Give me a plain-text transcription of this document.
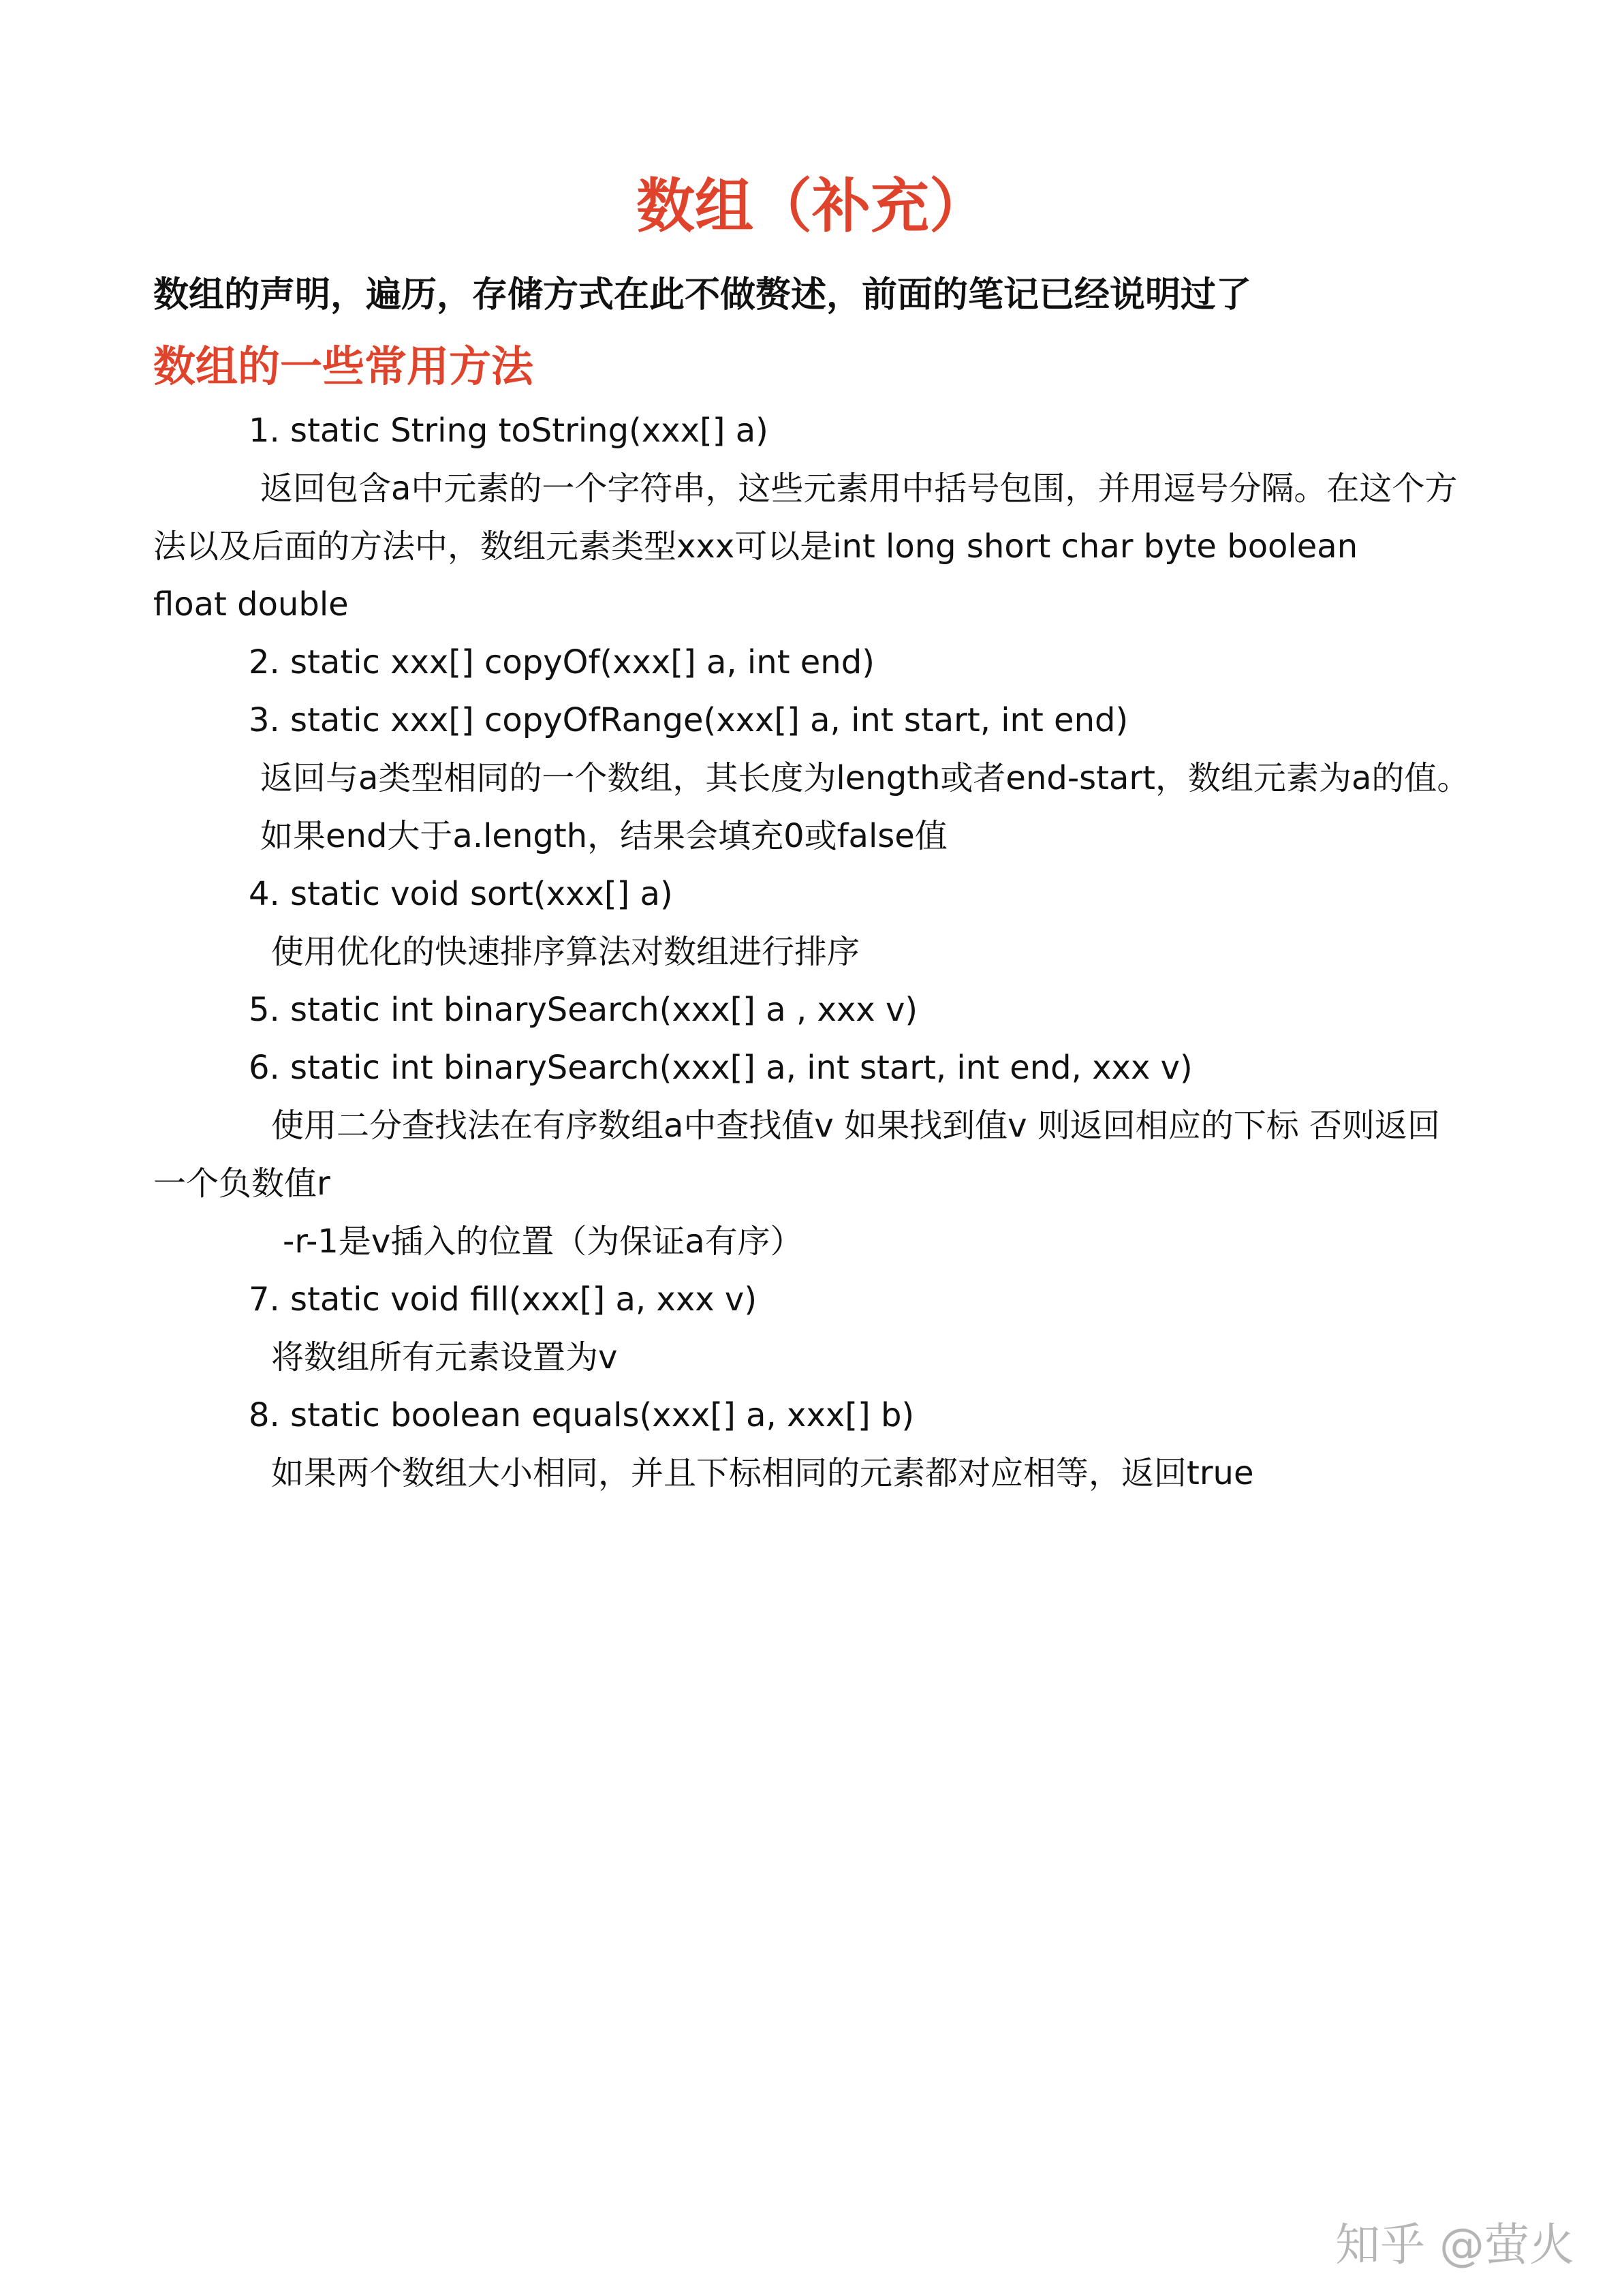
数组（补充）
数组的声明，遍历，存储方式在此不做赘述，前面的笔记已经说明过了
数组的一些常用方法
1. static String toString(xxx[] a)
返回包含a中元素的一个字符串，这些元素用中括号包围，并用逗号分隔。在这个方
法以及后面的方法中，数组元素类型xxx可以是int long short char byte boolean
float double
2. static xxx[] copyOf(xxx[] a, int end)
3. static xxx[] copyOfRange(xxx[] a, int start, int end)
返回与a类型相同的一个数组，其长度为length或者end-start，数组元素为a的值。
如果end大于a.length，结果会填充0或false值
4. static void sort(xxx[] a)
使用优化的快速排序算法对数组进行排序
5. static int binarySearch(xxx[] a , xxx v)
6. static int binarySearch(xxx[] a, int start, int end, xxx v)
使用二分查找法在有序数组a中查找值v 如果找到值v 则返回相应的下标 否则返回
一个负数值r
-r-1是v插入的位置（为保证a有序）
7. static void fill(xxx[] a, xxx v)
将数组所有元素设置为v
8. static boolean equals(xxx[] a, xxx[] b)
如果两个数组大小相同，并且下标相同的元素都对应相等，返回true
知乎 @萤火
